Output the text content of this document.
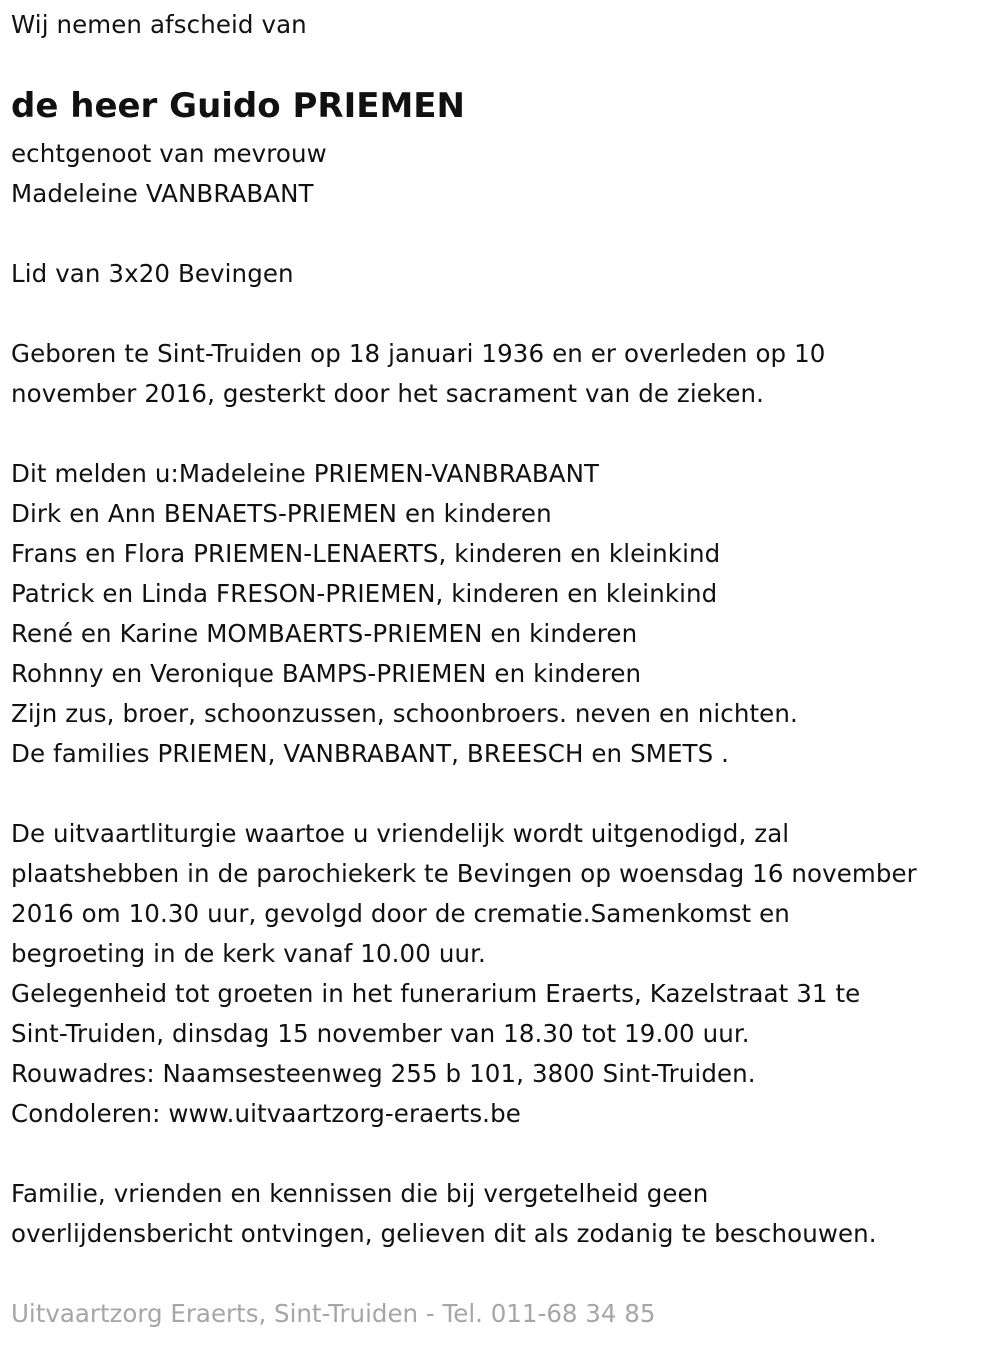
Wij nemen afscheid van
de heer Guido PRIEMEN
echtgenoot van mevrouw
Madeleine VANBRABANT
Lid van 3x20 Bevingen
Geboren te Sint-Truiden op 18 januari 1936 en er overleden op 10
november 2016, gesterkt door het sacrament van de zieken.
Dit melden u:Madeleine PRIEMEN-VANBRABANT
Dirk en Ann BENAETS-PRIEMEN en kinderen
Frans en Flora PRIEMEN-LENAERTS, kinderen en kleinkind
Patrick en Linda FRESON-PRIEMEN, kinderen en kleinkind
René en Karine MOMBAERTS-PRIEMEN en kinderen
Rohnny en Veronique BAMPS-PRIEMEN en kinderen
Zijn zus, broer, schoonzussen, schoonbroers. neven en nichten.
De families PRIEMEN, VANBRABANT, BREESCH en SMETS .
De uitvaartliturgie waartoe u vriendelijk wordt uitgenodigd, zal
plaatshebben in de parochiekerk te Bevingen op woensdag 16 november
2016 om 10.30 uur, gevolgd door de crematie.Samenkomst en
begroeting in de kerk vanaf 10.00 uur.
Gelegenheid tot groeten in het funerarium Eraerts, Kazelstraat 31 te
Sint-Truiden, dinsdag 15 november van 18.30 tot 19.00 uur.
Rouwadres: Naamsesteenweg 255 b 101, 3800 Sint-Truiden.
Condoleren: www.uitvaartzorg-eraerts.be
Familie, vrienden en kennissen die bij vergetelheid geen
overlijdensbericht ontvingen, gelieven dit als zodanig te beschouwen.
Uitvaartzorg Eraerts, Sint-Truiden - Tel. 011-68 34 85
